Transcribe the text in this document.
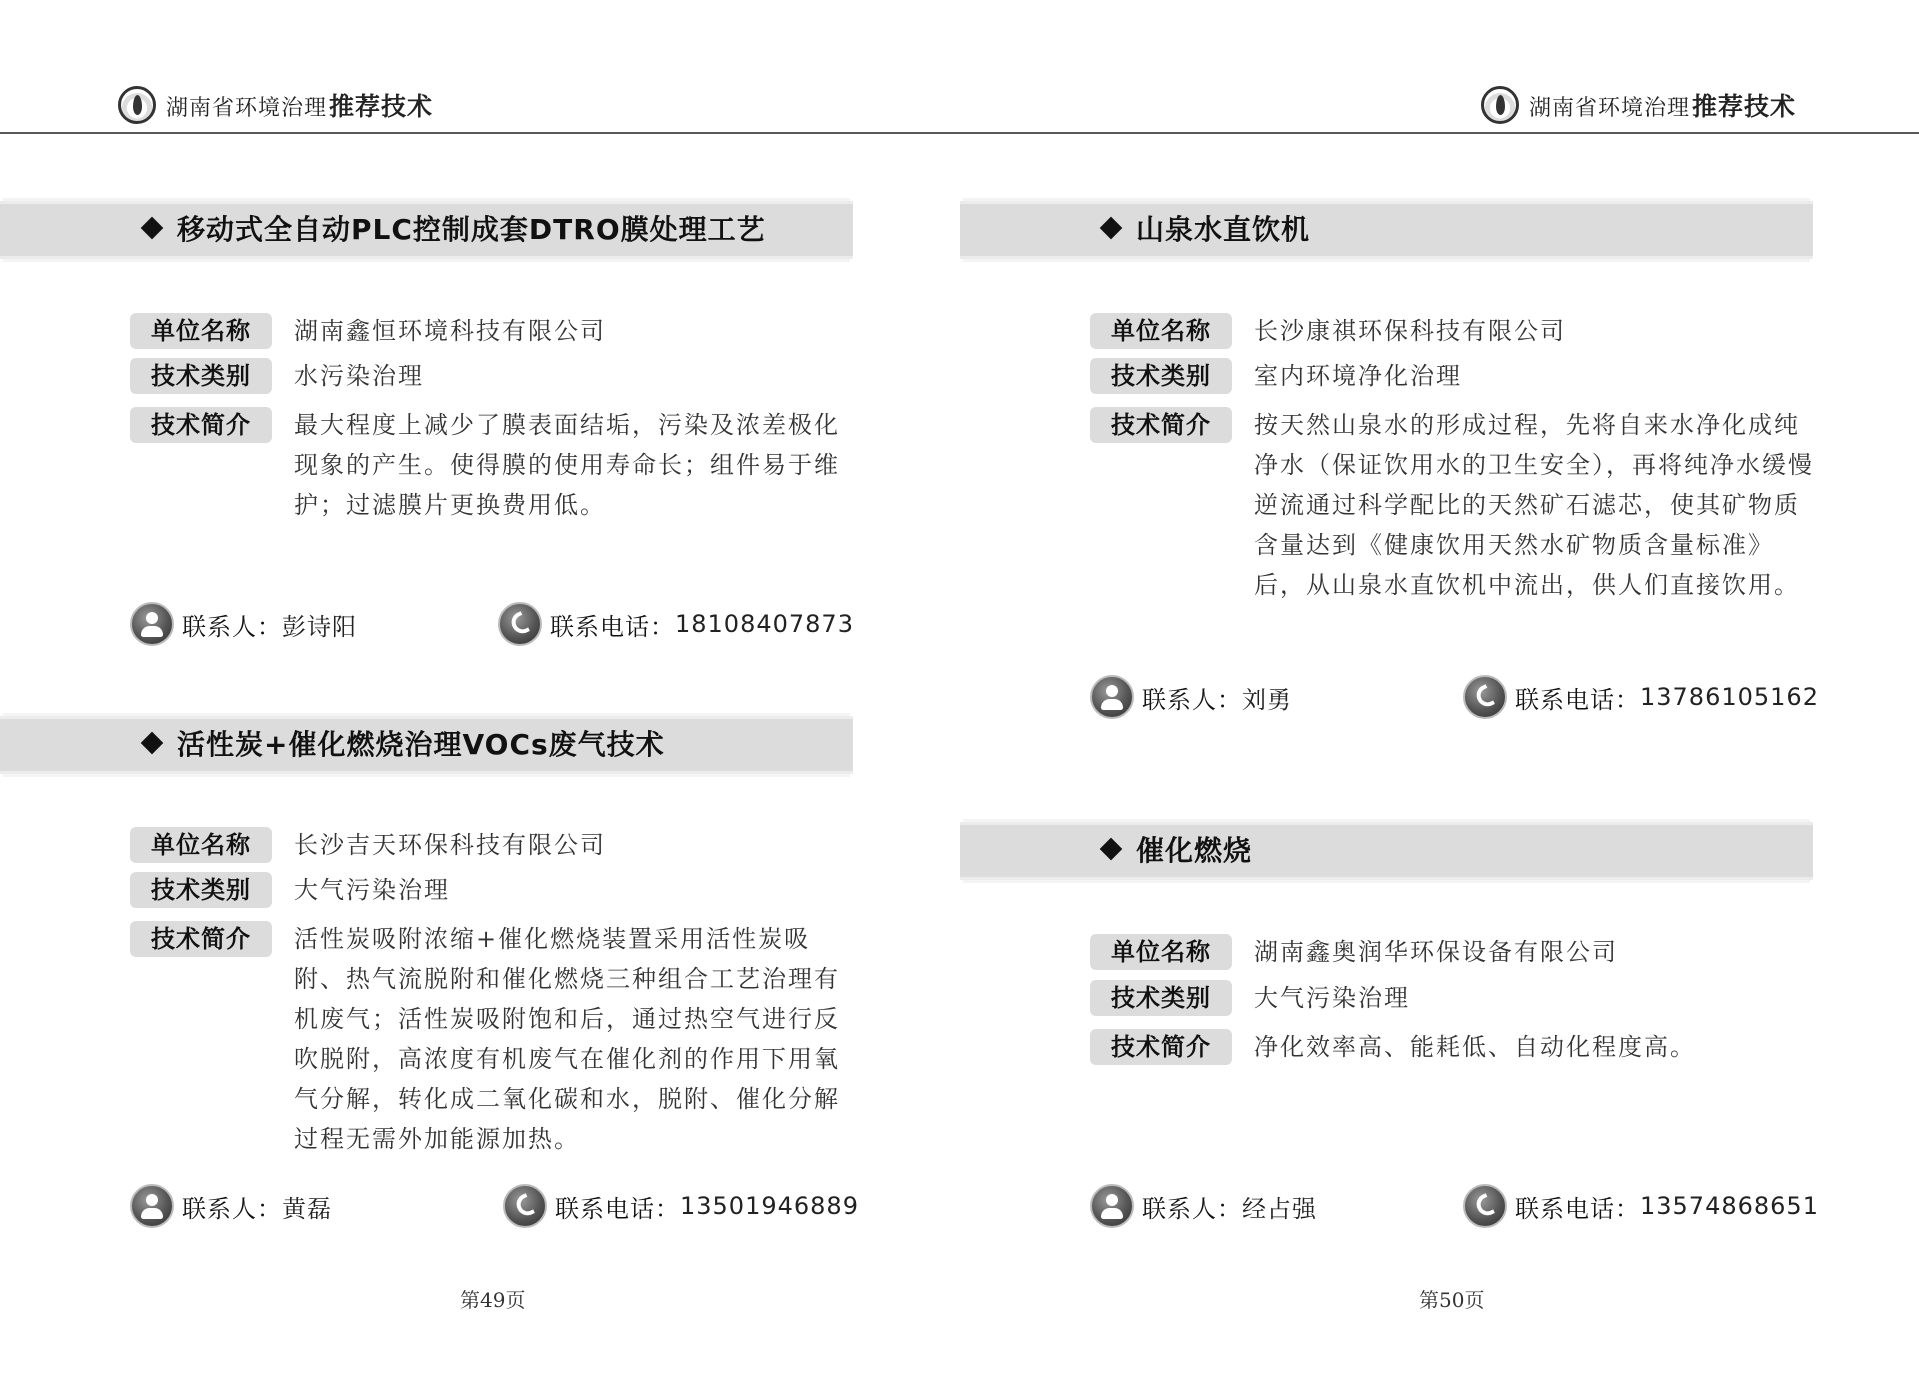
湖南省环境治理推荐技术
移动式全自动PLC控制成套DTRO膜处理工艺
单位名称	湖南鑫恒环境科技有限公司
技术类别	水污染治理
技术简介	最大程度上减少了膜表面结垢，污染及浓差极化现象的产生。使得膜的使用寿命长；组件易于维护；过滤膜片更换费用低。
联系人： 彭诗阳	联系电话： 18108407873
活性炭+催化燃烧治理VOCs废气技术
单位名称	长沙吉天环保科技有限公司
技术类别	大气污染治理
技术简介	活性炭吸附浓缩+催化燃烧装置采用活性炭吸附、热气流脱附和催化燃烧三种组合工艺治理有机废气；活性炭吸附饱和后，通过热空气进行反吹脱附，高浓度有机废气在催化剂的作用下用氧气分解，转化成二氧化碳和水，脱附、催化分解过程无需外加能源加热。
联系人： 黄磊	联系电话： 13501946889
第49页
湖南省环境治理推荐技术
山泉水直饮机
单位名称	长沙康祺环保科技有限公司
技术类别	室内环境净化治理
技术简介	按天然山泉水的形成过程，先将自来水净化成纯净水（保证饮用水的卫生安全），再将纯净水缓慢逆流通过科学配比的天然矿石滤芯，使其矿物质含量达到《健康饮用天然水矿物质含量标准》后，从山泉水直饮机中流出，供人们直接饮用。
联系人： 刘勇	联系电话： 13786105162
催化燃烧
单位名称	湖南鑫奥润华环保设备有限公司
技术类别	大气污染治理
技术简介	净化效率高、能耗低、自动化程度高。
联系人： 经占强	联系电话： 13574868651
第50页
